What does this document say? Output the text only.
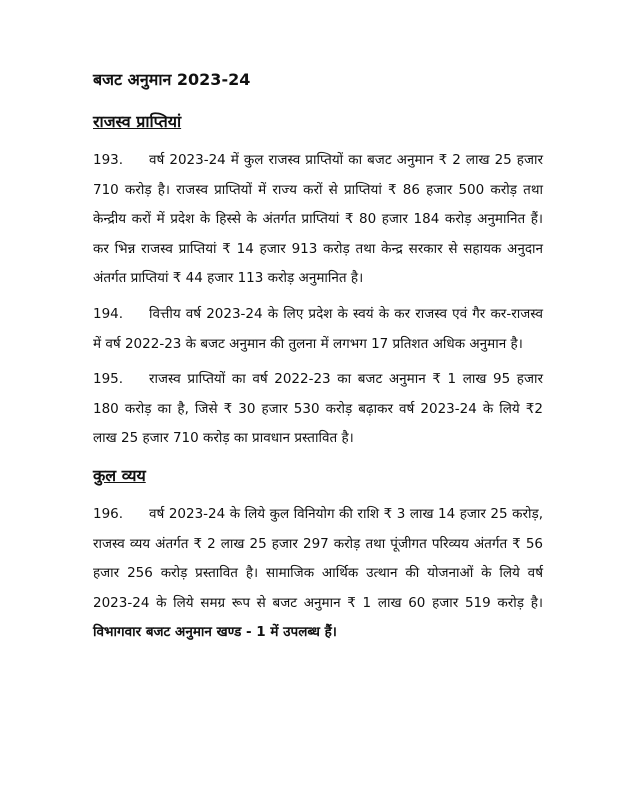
बजट अनुमान 2023-24
राजस्व प्राप्तियां

193. वर्ष 2023-24 में कुल राजस्व प्राप्तियों का बजट अनुमान ₹ 2 लाख 25 हजार 710 करोड़ है। राजस्व प्राप्तियों में राज्य करों से प्राप्तियां ₹ 86 हजार 500 करोड़ तथा केन्द्रीय करों में प्रदेश के हिस्से के अंतर्गत प्राप्तियां ₹ 80 हजार 184 करोड़ अनुमानित हैं। कर भिन्न राजस्व प्राप्तियां ₹ 14 हजार 913 करोड़ तथा केन्द्र सरकार से सहायक अनुदान अंतर्गत प्राप्तियां ₹ 44 हजार 113 करोड़ अनुमानित है।

194. वित्तीय वर्ष 2023-24 के लिए प्रदेश के स्वयं के कर राजस्व एवं गैर कर-राजस्व में वर्ष 2022-23 के बजट अनुमान की तुलना में लगभग 17 प्रतिशत अधिक अनुमान है।

195. राजस्व प्राप्तियों का वर्ष 2022-23 का बजट अनुमान ₹ 1 लाख 95 हजार 180 करोड़ का है, जिसे ₹ 30 हजार 530 करोड़ बढ़ाकर वर्ष 2023-24 के लिये ₹2 लाख 25 हजार 710 करोड़ का प्रावधान प्रस्तावित है।

कुल व्यय

196. वर्ष 2023-24 के लिये कुल विनियोग की राशि ₹ 3 लाख 14 हजार 25 करोड़, राजस्व व्यय अंतर्गत ₹ 2 लाख 25 हजार 297 करोड़ तथा पूंजीगत परिव्यय अंतर्गत ₹ 56 हजार 256 करोड़ प्रस्तावित है। सामाजिक आर्थिक उत्थान की योजनाओं के लिये वर्ष 2023-24 के लिये समग्र रूप से बजट अनुमान ₹ 1 लाख 60 हजार 519 करोड़ है। विभागवार बजट अनुमान खण्ड - 1 में उपलब्ध हैं।
